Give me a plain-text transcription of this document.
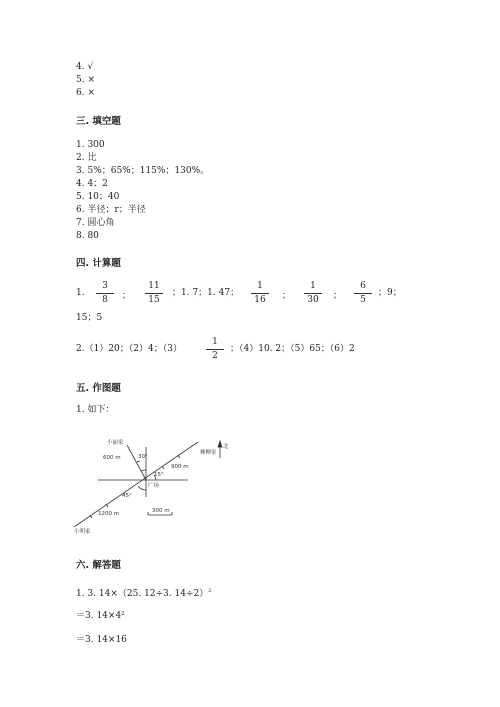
4. √
5. ×
6. ×
三. 填空题
1. 300
2. 比
3. 5%；65%；115%；130%。
4. 4；2
5. 10；40
6. 半径；r；半径
7. 圆心角
8. 80
四. 计算题
1.
3
8	；
11
15
；1. 7；1. 47；
1
16	；
1
30	；
6
5
；9；
15；5
2.（1）20；（2）4；（3）
1
2
；（4）10. 2；（5）65；（6）2
五. 作图题
1. 如下：
小丽家
600 m	30°
15°
900 m
柳柳家
广场
45°
1200 m	300 m
小明家
北
六. 解答题
1. 3. 14×（25. 12÷3. 14÷2）$^2$
＝3. 14×4²
＝3. 14×16
